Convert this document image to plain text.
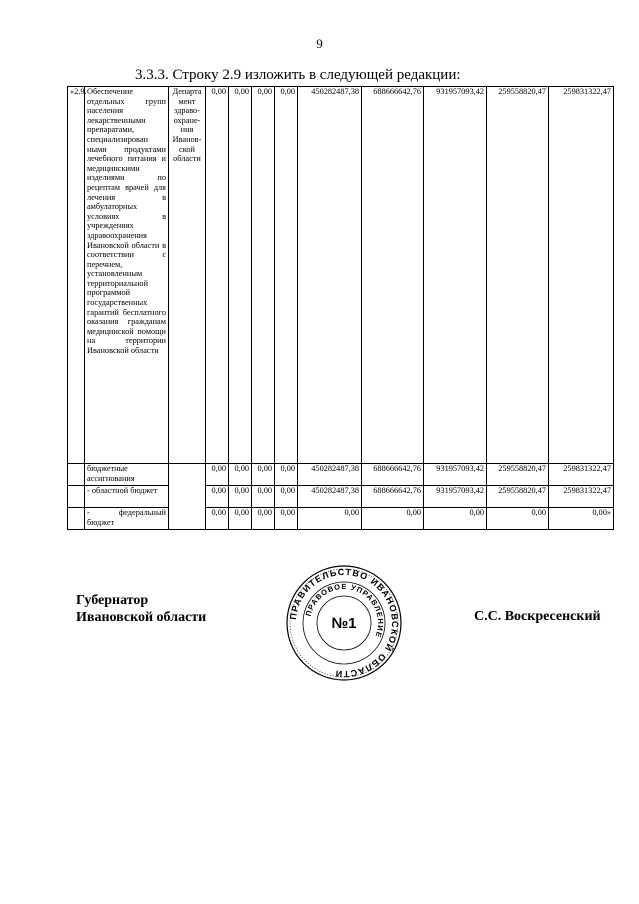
9
3.3.3. Строку 2.9 изложить в следующей редакции:
«2.9.	Обеспечение отдельных групп населения лекарственными препаратами, специализирован ными продуктами лечебного питания и медицинскими изделиями по рецептам врачей для лечения в амбулаторных условиях в учреждениях здравоохранения Ивановской области в соответствии с перечнем, установленным территориальной программой государственных гарантий бесплатного оказания гражданам медицинской помощи на территории Ивановской области	Департа мент здраво-охране-ния Иванов-ской области	0,00	0,00	0,00	0,00	450282487,38	688666642,76	931957093,42	259558820,47	259831322,47
	бюджетные ассигнования		0,00	0,00	0,00	0,00	450282487,38	688666642,76	931957093,42	259558820,47	259831322,47
	- областной бюджет		0,00	0,00	0,00	0,00	450282487,38	688666642,76	931957093,42	259558820,47	259831322,47
	- федеральный бюджет		0,00	0,00	0,00	0,00	0,00	0,00	0,00	0,00	0,00»
Губернатор
Ивановской области	ПРАВИТЕЛЬСТВО ИВАНОВСКОЙ ОБЛАСТИ
ПРАВОВОЕ УПРАВЛЕНИЕ
№1	С.С. Воскресенский
